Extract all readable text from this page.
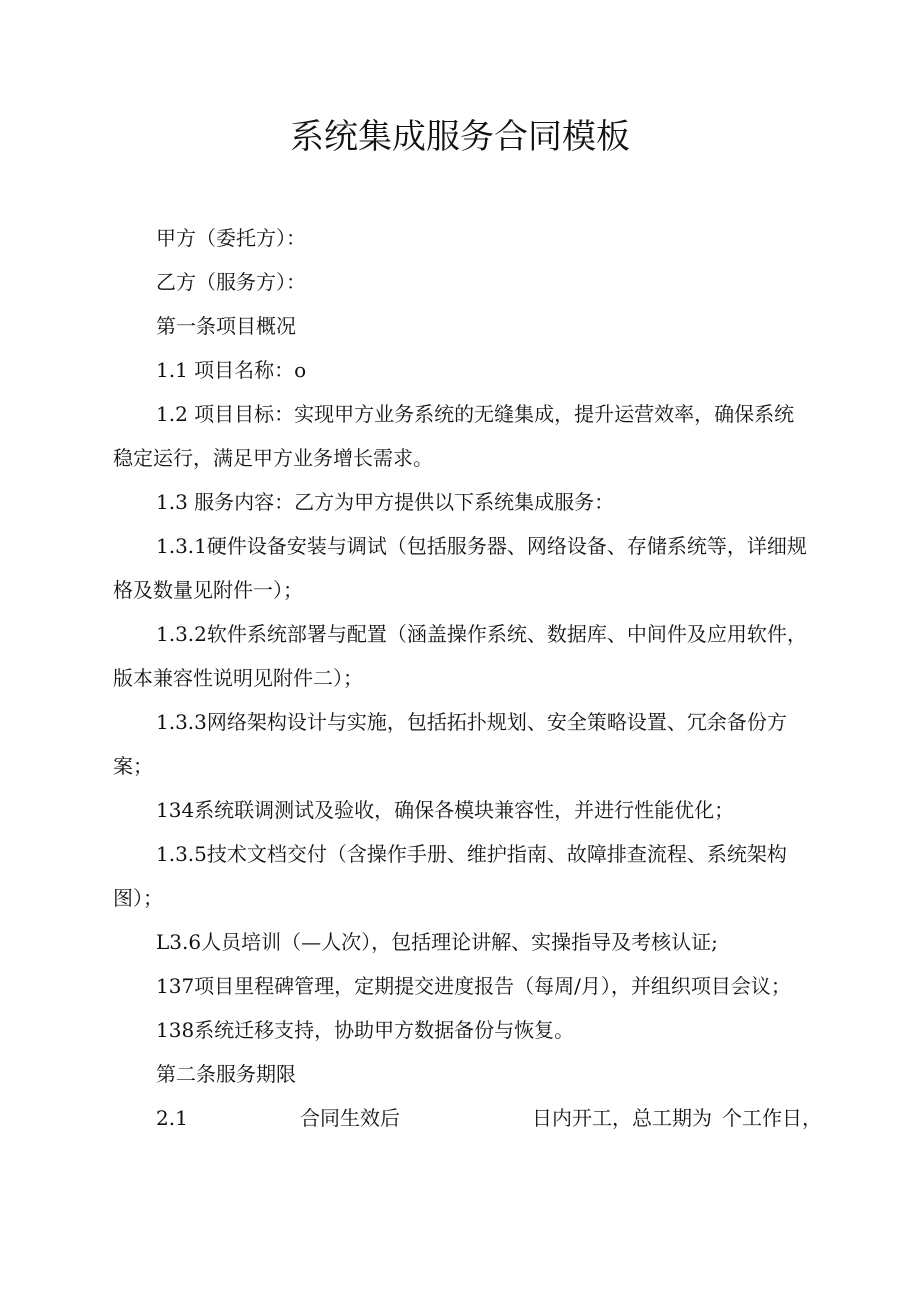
系统集成服务合同模板

甲方（委托方）：

乙方（服务方）：

第一条项目概况

1.1 项目名称：o

1.2 项目目标：实现甲方业务系统的无缝集成，提升运营效率，确保系统稳定运行，满足甲方业务增长需求。

1.3 服务内容：乙方为甲方提供以下系统集成服务：

1.3.1硬件设备安装与调试（包括服务器、网络设备、存储系统等，详细规格及数量见附件一）；

1.3.2软件系统部署与配置（涵盖操作系统、数据库、中间件及应用软件，版本兼容性说明见附件二）；

1.3.3网络架构设计与实施，包括拓扑规划、安全策略设置、冗余备份方案；

134系统联调测试及验收，确保各模块兼容性，并进行性能优化；

1.3.5技术文档交付（含操作手册、维护指南、故障排查流程、系统架构图）；

L3.6人员培训（—人次），包括理论讲解、实操指导及考核认证;

137项目里程碑管理，定期提交进度报告（每周/月），并组织项目会议；

138系统迁移支持，协助甲方数据备份与恢复。

第二条服务期限

2.1	合同生效后	日内开工，总工期为 个工作日，
